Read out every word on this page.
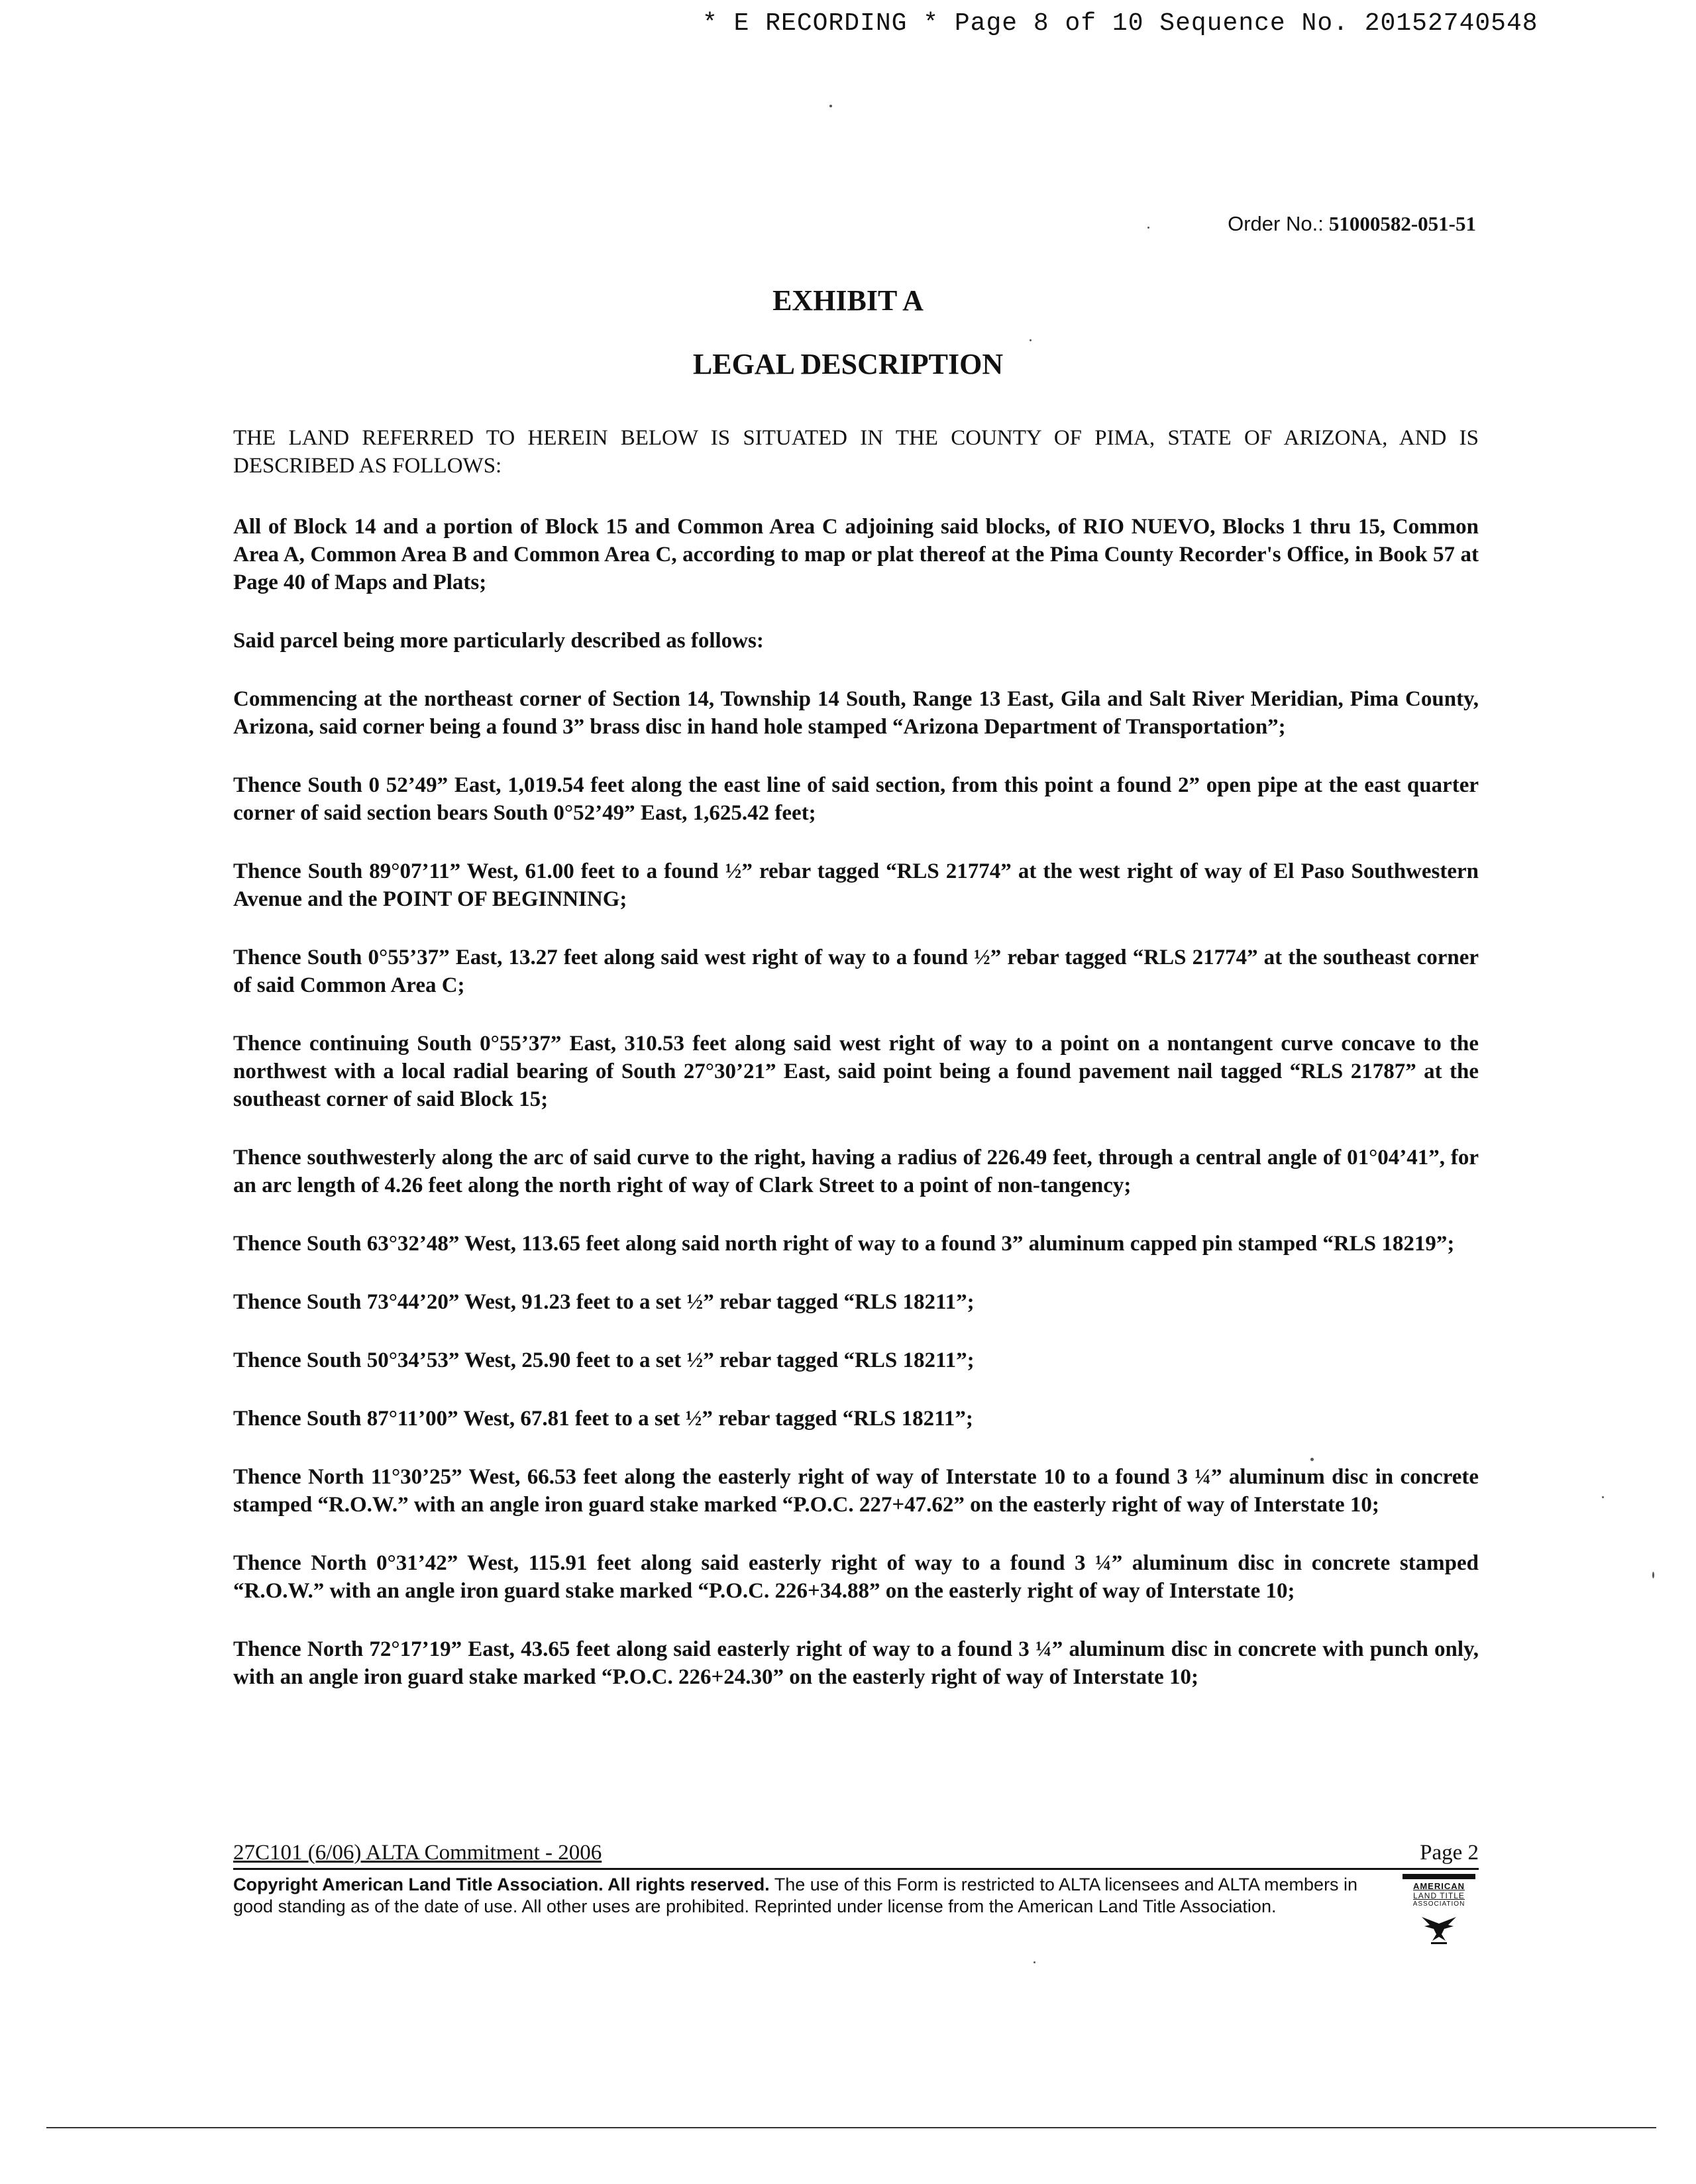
* E RECORDING * Page 8 of 10 Sequence No. 20152740548
Order No.: 51000582-051-51
EXHIBIT A
LEGAL DESCRIPTION

THE LAND REFERRED TO HEREIN BELOW IS SITUATED IN THE COUNTY OF PIMA, STATE OF ARIZONA, AND IS DESCRIBED AS FOLLOWS:

All of Block 14 and a portion of Block 15 and Common Area C adjoining said blocks, of RIO NUEVO, Blocks 1 thru 15, Common Area A, Common Area B and Common Area C, according to map or plat thereof at the Pima County Recorder's Office, in Book 57 at Page 40 of Maps and Plats;

Said parcel being more particularly described as follows:

Commencing at the northeast corner of Section 14, Township 14 South, Range 13 East, Gila and Salt River Meridian, Pima County, Arizona, said corner being a found 3” brass disc in hand hole stamped “Arizona Department of Transportation”;

Thence South 0 52’49” East, 1,019.54 feet along the east line of said section, from this point a found 2” open pipe at the east quarter corner of said section bears South 0°52’49” East, 1,625.42 feet;

Thence South 89°07’11” West, 61.00 feet to a found ½” rebar tagged “RLS 21774” at the west right of way of El Paso Southwestern Avenue and the POINT OF BEGINNING;

Thence South 0°55’37” East, 13.27 feet along said west right of way to a found ½” rebar tagged “RLS 21774” at the southeast corner of said Common Area C;

Thence continuing South 0°55’37” East, 310.53 feet along said west right of way to a point on a nontangent curve concave to the northwest with a local radial bearing of South 27°30’21” East, said point being a found pavement nail tagged “RLS 21787” at the southeast corner of said Block 15;

Thence southwesterly along the arc of said curve to the right, having a radius of 226.49 feet, through a central angle of 01°04’41”, for an arc length of 4.26 feet along the north right of way of Clark Street to a point of non-tangency;

Thence South 63°32’48” West, 113.65 feet along said north right of way to a found 3” aluminum capped pin stamped “RLS 18219”;

Thence South 73°44’20” West, 91.23 feet to a set ½” rebar tagged “RLS 18211”;

Thence South 50°34’53” West, 25.90 feet to a set ½” rebar tagged “RLS 18211”;

Thence South 87°11’00” West, 67.81 feet to a set ½” rebar tagged “RLS 18211”;

Thence North 11°30’25” West, 66.53 feet along the easterly right of way of Interstate 10 to a found 3 ¼” aluminum disc in concrete stamped “R.O.W.” with an angle iron guard stake marked “P.O.C. 227+47.62” on the easterly right of way of Interstate 10;

Thence North 0°31’42” West, 115.91 feet along said easterly right of way to a found 3 ¼” aluminum disc in concrete stamped “R.O.W.” with an angle iron guard stake marked “P.O.C. 226+34.88” on the easterly right of way of Interstate 10;

Thence North 72°17’19” East, 43.65 feet along said easterly right of way to a found 3 ¼” aluminum disc in concrete with punch only, with an angle iron guard stake marked “P.O.C. 226+24.30” on the easterly right of way of Interstate 10;

27C101 (6/06) ALTA Commitment - 2006	Page 2
Copyright American Land Title Association. All rights reserved. The use of this Form is restricted to ALTA licensees and ALTA members in good standing as of the date of use. All other uses are prohibited. Reprinted under license from the American Land Title Association.
AMERICAN
LAND TITLE
ASSOCIATION
